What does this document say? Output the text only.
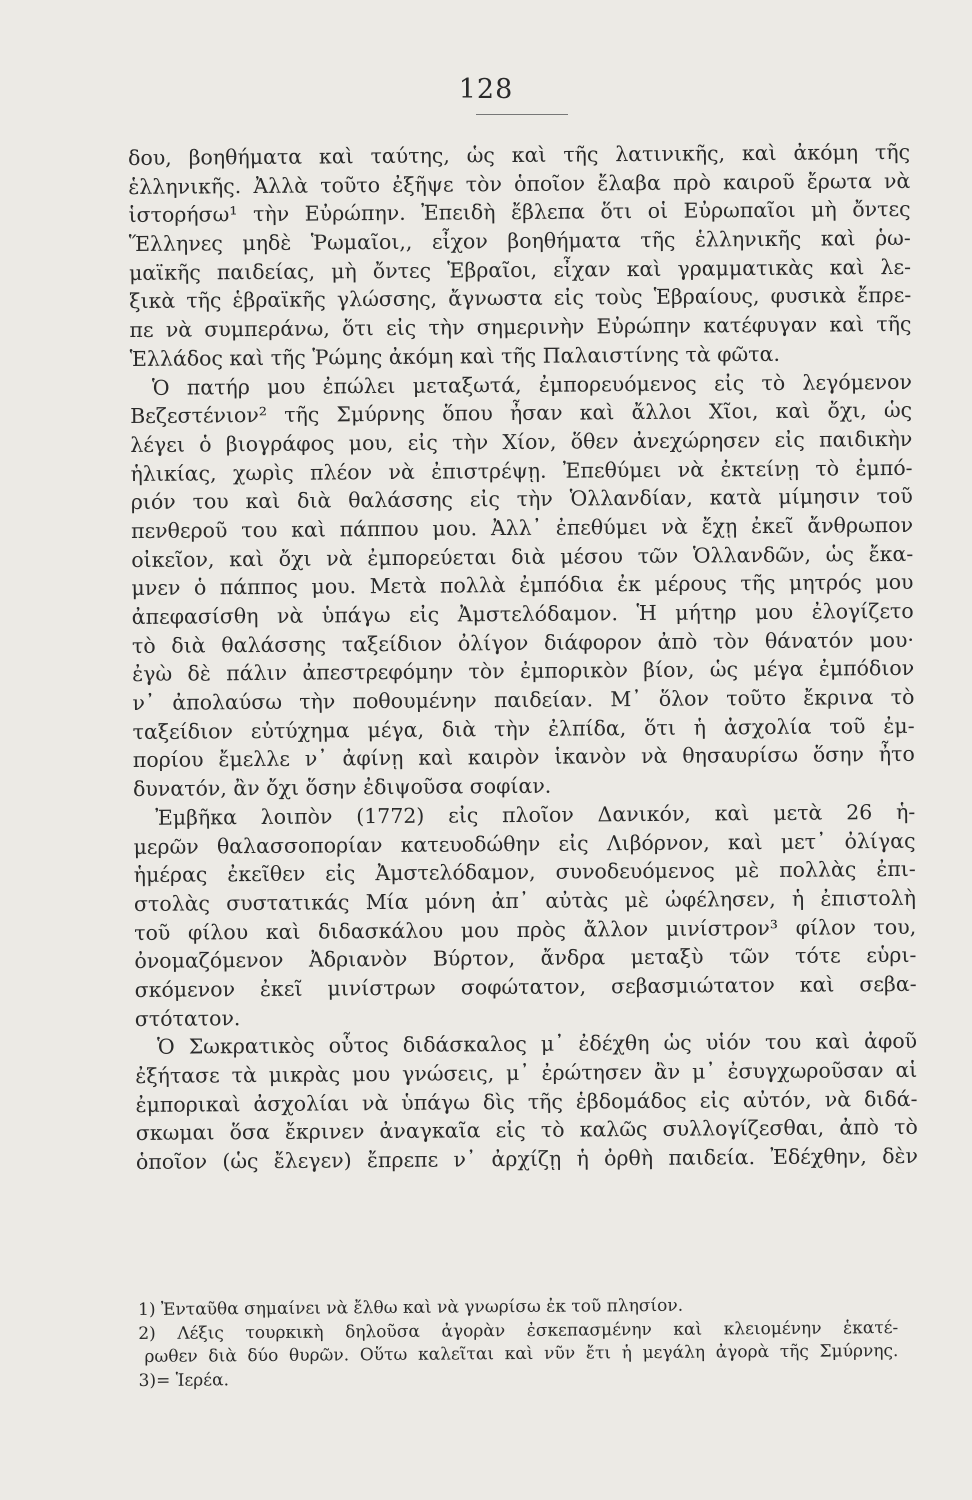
128
δου, βοηθήματα καὶ ταύτης, ὡς καὶ τῆς λατινικῆς, καὶ ἀκόμη τῆς
ἑλληνικῆς. Ἀλλὰ τοῦτο ἐξῆψε τὸν ὁποῖον ἔλαβα πρὸ καιροῦ ἔρωτα νὰ
ἱστορήσω¹ τὴν Εὐρώπην. Ἐπειδὴ ἔβλεπα ὅτι οἱ Εὐρωπαῖοι μὴ ὄντες
Ἕλληνες μηδὲ Ῥωμαῖοι,, εἶχον βοηθήματα τῆς ἑλληνικῆς καὶ ῥω-
μαϊκῆς παιδείας, μὴ ὄντες Ἑβραῖοι, εἶχαν καὶ γραμματικὰς καὶ λε-
ξικὰ τῆς ἑβραϊκῆς γλώσσης, ἄγνωστα εἰς τοὺς Ἑβραίους, φυσικὰ ἔπρε-
πε νὰ συμπεράνω, ὅτι εἰς τὴν σημερινὴν Εὐρώπην κατέφυγαν καὶ τῆς
Ἑλλάδος καὶ τῆς Ῥώμης ἀκόμη καὶ τῆς Παλαιστίνης τὰ φῶτα.
Ὁ πατήρ μου ἐπώλει μεταξωτά, ἐμπορευόμενος εἰς τὸ λεγόμενον
Βεζεστένιον² τῆς Σμύρνης ὅπου ἦσαν καὶ ἄλλοι Χῖοι, καὶ ὄχι, ὡς
λέγει ὁ βιογράφος μου, εἰς τὴν Χίον, ὅθεν ἀνεχώρησεν εἰς παιδικὴν
ἡλικίας, χωρὶς πλέον νὰ ἐπιστρέψῃ. Ἐπεθύμει νὰ ἐκτείνῃ τὸ ἐμπό-
ριόν του καὶ διὰ θαλάσσης εἰς τὴν Ὁλλανδίαν, κατὰ μίμησιν τοῦ
πενθεροῦ του καὶ πάππου μου. Ἀλλ᾽ ἐπεθύμει νὰ ἔχῃ ἐκεῖ ἄνθρωπον
οἰκεῖον, καὶ ὄχι νὰ ἐμπορεύεται διὰ μέσου τῶν Ὁλλανδῶν, ὡς ἔκα-
μνεν ὁ πάππος μου. Μετὰ πολλὰ ἐμπόδια ἐκ μέρους τῆς μητρός μου
ἀπεφασίσθη νὰ ὑπάγω εἰς Ἀμστελόδαμον. Ἡ μήτηρ μου ἐλογίζετο
τὸ διὰ θαλάσσης ταξείδιον ὀλίγον διάφορον ἀπὸ τὸν θάνατόν μου·
ἐγὼ δὲ πάλιν ἀπεστρεφόμην τὸν ἐμπορικὸν βίον, ὡς μέγα ἐμπόδιον
ν᾽ ἀπολαύσω τὴν ποθουμένην παιδείαν. Μ᾽ ὅλον τοῦτο ἔκρινα τὸ
ταξείδιον εὐτύχημα μέγα, διὰ τὴν ἐλπίδα, ὅτι ἡ ἀσχολία τοῦ ἐμ-
πορίου ἔμελλε ν᾽ ἀφίνῃ καὶ καιρὸν ἱκανὸν νὰ θησαυρίσω ὅσην ἦτο
δυνατόν, ἂν ὄχι ὅσην ἐδιψοῦσα σοφίαν.
Ἐμβῆκα λοιπὸν (1772) εἰς πλοῖον Δανικόν, καὶ μετὰ 26 ἡ-
μερῶν θαλασσοπορίαν κατευοδώθην εἰς Λιβόρνον, καὶ μετ᾽ ὀλίγας
ἡμέρας ἐκεῖθεν εἰς Ἀμστελόδαμον, συνοδευόμενος μὲ πολλὰς ἐπι-
στολὰς συστατικάς Μία μόνη ἀπ᾽ αὐτὰς μὲ ὠφέλησεν, ἡ ἐπιστολὴ
τοῦ φίλου καὶ διδασκάλου μου πρὸς ἄλλον μινίστρον³ φίλον του,
ὀνομαζόμενον Ἀδριανὸν Βύρτον, ἄνδρα μεταξὺ τῶν τότε εὑρι-
σκόμενον ἐκεῖ μινίστρων σοφώτατον, σεβασμιώτατον καὶ σεβα-
στότατον.
Ὁ Σωκρατικὸς οὗτος διδάσκαλος μ᾽ ἐδέχθη ὡς υἱόν του καὶ ἀφοῦ
ἐξήτασε τὰ μικρὰς μου γνώσεις, μ᾽ ἐρώτησεν ἂν μ᾽ ἐσυγχωροῦσαν αἱ
ἐμπορικαὶ ἀσχολίαι νὰ ὑπάγω δὶς τῆς ἑβδομάδος εἰς αὐτόν, νὰ διδά-
σκωμαι ὅσα ἔκρινεν ἀναγκαῖα εἰς τὸ καλῶς συλλογίζεσθαι, ἀπὸ τὸ
ὁποῖον (ὡς ἔλεγεν) ἔπρεπε ν᾽ ἀρχίζῃ ἡ ὀρθὴ παιδεία. Ἐδέχθην, δὲν
1) Ἐνταῦθα σημαίνει νὰ ἔλθω καὶ νὰ γνωρίσω ἐκ τοῦ πλησίον.
2) Λέξις τουρκικὴ δηλοῦσα ἀγορὰν ἐσκεπασμένην καὶ κλειομένην ἑκατέ-
ρωθεν διὰ δύο θυρῶν. Οὕτω καλεῖται καὶ νῦν ἔτι ἡ μεγάλη ἀγορὰ τῆς Σμύρνης.
3)= Ἱερέα.
